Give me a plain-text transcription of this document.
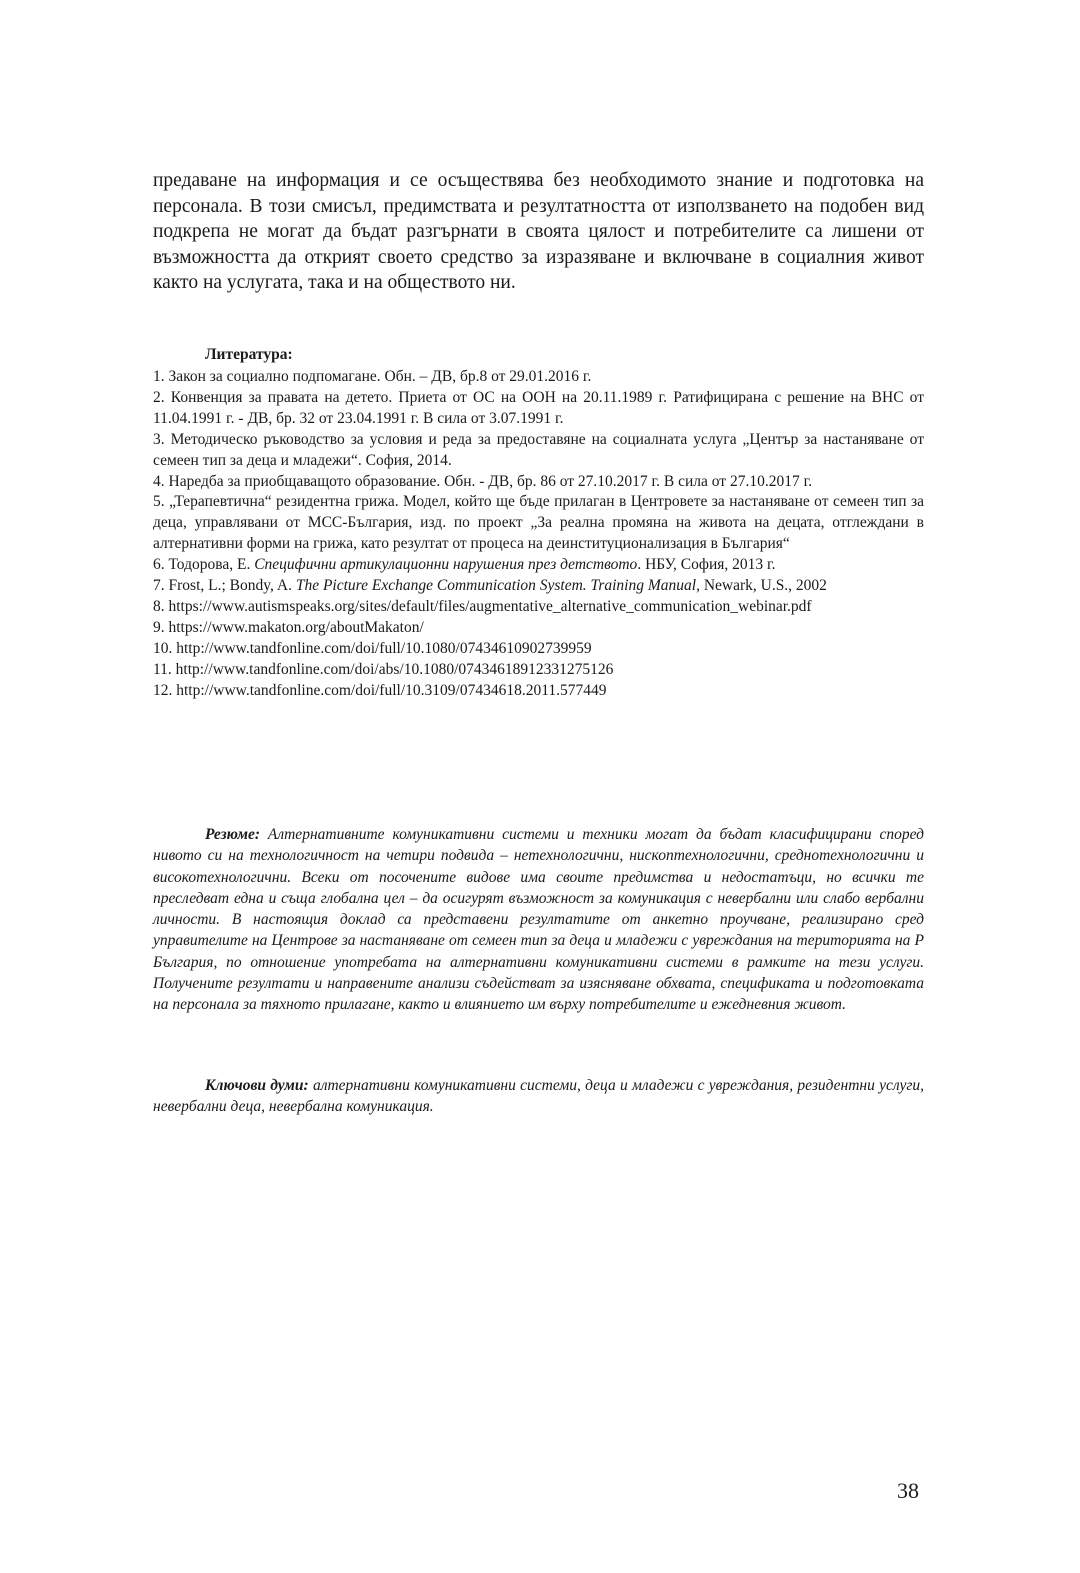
предаване на информация и се осъществява без необходимото знание и подготовка на персонала. В този смисъл, предимствата и резултатността от използването на подобен вид подкрепа не могат да бъдат разгърнати в своята цялост и потребителите са лишени от възможността да открият своето средство за изразяване и включване в социалния живот както на услугата, така и на обществото ни.

Литература:

1. Закон за социално подпомагане. Обн. – ДВ, бр.8 от 29.01.2016 г.

2. Конвенция за правата на детето. Приета от ОС на ООН на 20.11.1989 г. Ратифицирана с решение на ВНС от 11.04.1991 г. - ДВ, бр. 32 от 23.04.1991 г. В сила от 3.07.1991 г.

3. Методическо ръководство за условия и реда за предоставяне на социалната услуга „Център за настаняване от семеен тип за деца и младежи“. София, 2014.

4. Наредба за приобщаващото образование. Обн. - ДВ, бр. 86 от 27.10.2017 г. В сила от 27.10.2017 г.

5. „Терапевтична“ резидентна грижа. Модел, който ще бъде прилаган в Центровете за настаняване от семеен тип за деца, управлявани от МСС-България, изд. по проект „За реална промяна на живота на децата, отглеждани в алтернативни форми на грижа, като резултат от процеса на деинституционализация в България“

6. Тодорова, Е. Специфични артикулационни нарушения през детството. НБУ, София, 2013 г.

7. Frost, L.; Bondy, A. The Picture Exchange Communication System. Training Manual, Newark, U.S., 2002

8. https://www.autismspeaks.org/sites/default/files/augmentative_alternative_communication_webinar.pdf

9. https://www.makaton.org/aboutMakaton/

10. http://www.tandfonline.com/doi/full/10.1080/07434610902739959

11. http://www.tandfonline.com/doi/abs/10.1080/07434618912331275126

12. http://www.tandfonline.com/doi/full/10.3109/07434618.2011.577449

Резюме: Алтернативните комуникативни системи и техники могат да бъдат класифицирани според нивото си на технологичност на четири подвида – нетехнологични, нископтехнологични, среднотехнологични и високотехнологични. Всеки от посочените видове има своите предимства и недостатъци, но всички те преследват една и съща глобална цел – да осигурят възможност за комуникация с невербални или слабо вербални личности. В настоящия доклад са представени резултатите от анкетно проучване, реализирано сред управителите на Центрове за настаняване от семеен тип за деца и младежи с увреждания на територията на Р България, по отношение употребата на алтернативни комуникативни системи в рамките на тези услуги. Получените резултати и направените анализи съдействат за изясняване обхвата, спецификата и подготовката на персонала за тяхното прилагане, както и влиянието им върху потребителите и ежедневния живот.

Ключови думи: алтернативни комуникативни системи, деца и младежи с увреждания, резидентни услуги, невербални деца, невербална комуникация.

38
